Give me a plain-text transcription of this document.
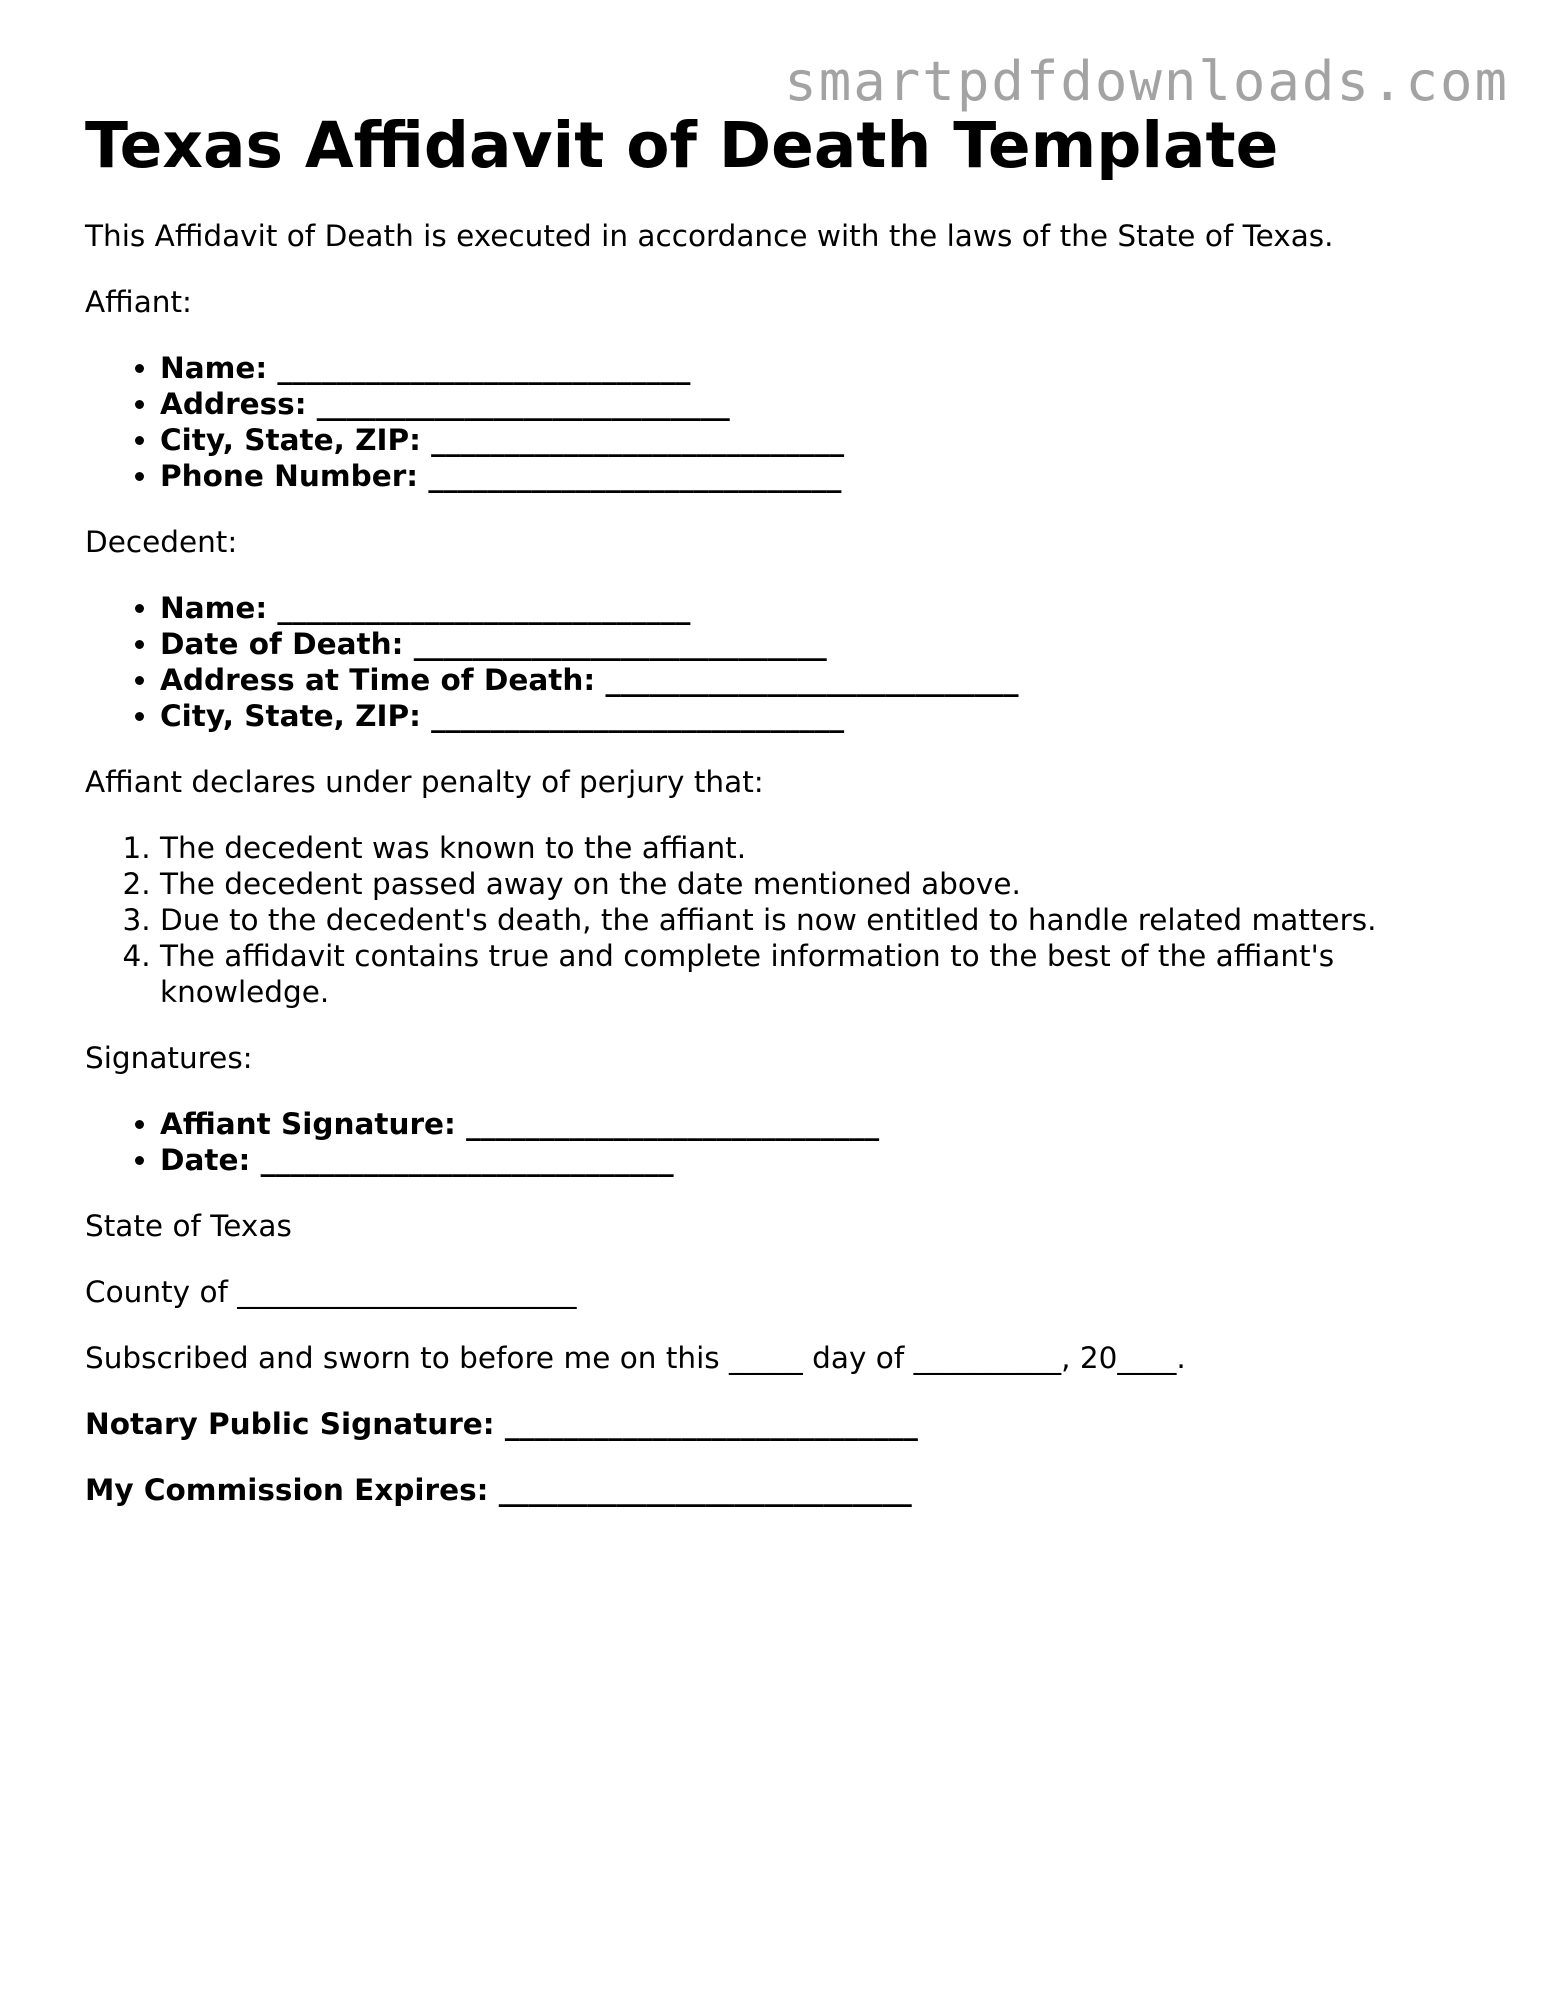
smartpdfdownloads.com
Texas Affidavit of Death Template

This Affidavit of Death is executed in accordance with the laws of the State of Texas.

Affiant:

• Name: ____________________________
• Address: ____________________________
• City, State, ZIP: ____________________________
• Phone Number: ____________________________

Decedent:

• Name: ____________________________
• Date of Death: ____________________________
• Address at Time of Death: ____________________________
• City, State, ZIP: ____________________________

Affiant declares under penalty of perjury that:

1. The decedent was known to the affiant.
2. The decedent passed away on the date mentioned above.
3. Due to the decedent's death, the affiant is now entitled to handle related matters.
4. The affidavit contains true and complete information to the best of the affiant's knowledge.

Signatures:

• Affiant Signature: ____________________________
• Date: ____________________________

State of Texas

County of _______________________

Subscribed and sworn to before me on this _____ day of __________, 20____.

Notary Public Signature: ____________________________

My Commission Expires: ____________________________
